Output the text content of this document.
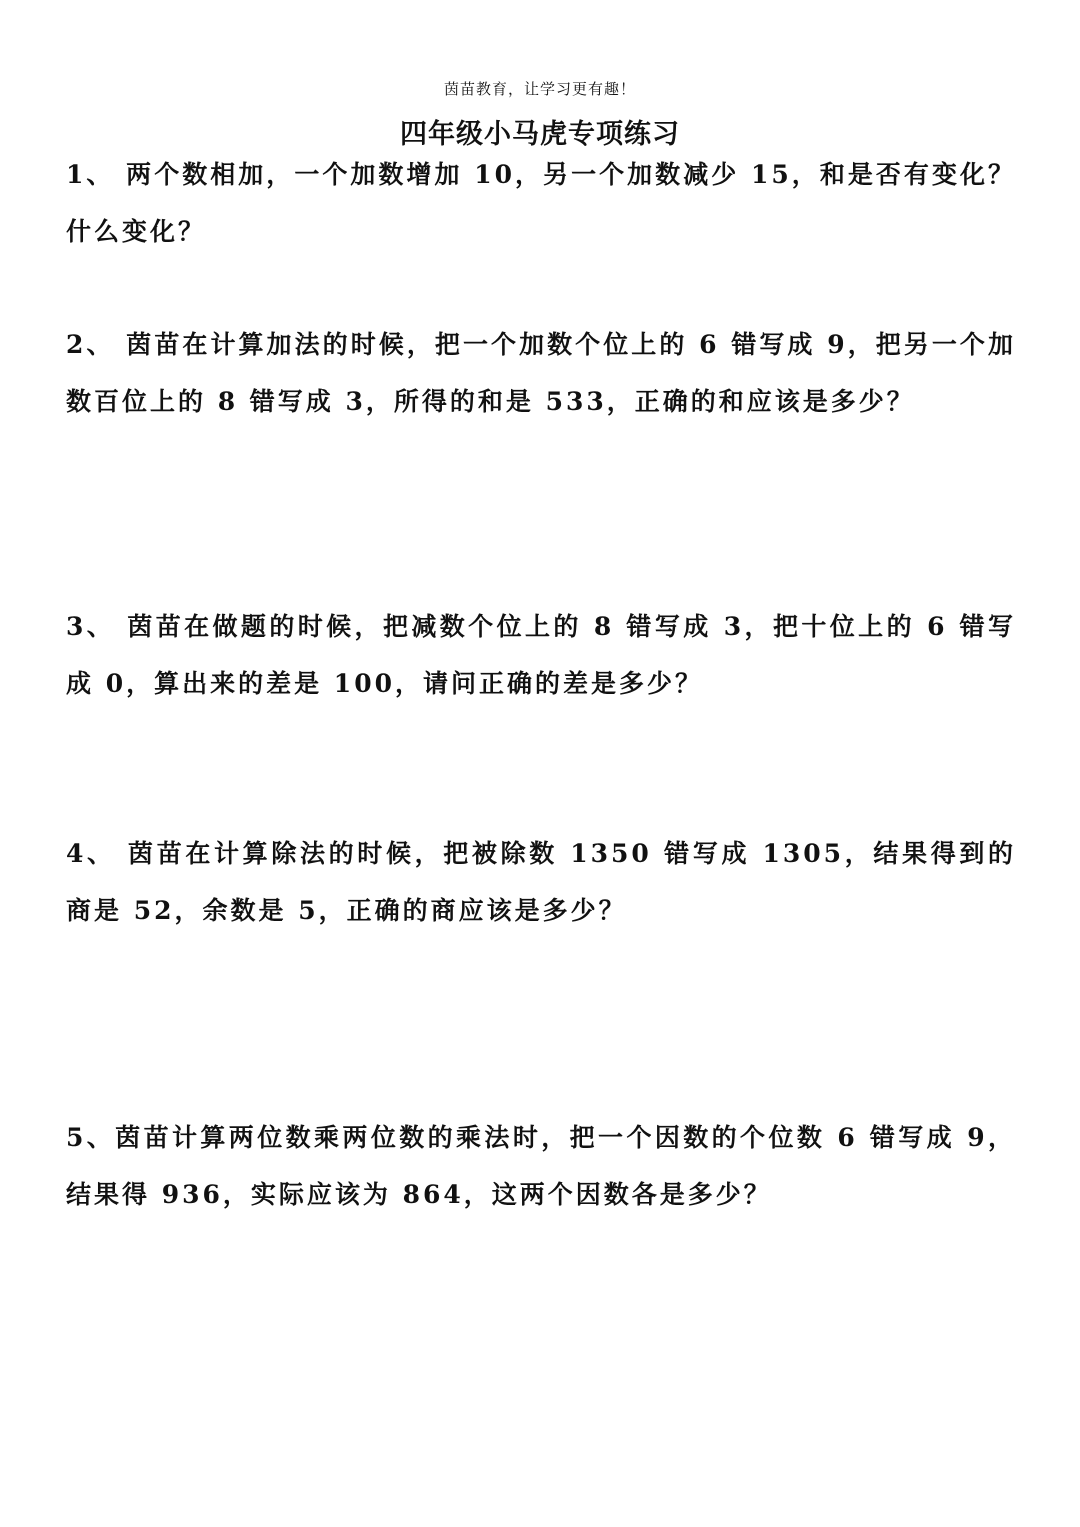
茵苗教育，让学习更有趣！
四年级小马虎专项练习
1、 两个数相加，一个加数增加 10，另一个加数减少 15，和是否有变化？什么变化？
2、 茵苗在计算加法的时候，把一个加数个位上的 6 错写成 9，把另一个加数百位上的 8 错写成 3，所得的和是 533，正确的和应该是多少？
3、 茵苗在做题的时候，把减数个位上的 8 错写成 3，把十位上的 6 错写成 0，算出来的差是 100，请问正确的差是多少？
4、 茵苗在计算除法的时候，把被除数 1350 错写成 1305，结果得到的商是 52，余数是 5，正确的商应该是多少？
5、茵苗计算两位数乘两位数的乘法时，把一个因数的个位数 6 错写成 9，结果得 936，实际应该为 864，这两个因数各是多少？
